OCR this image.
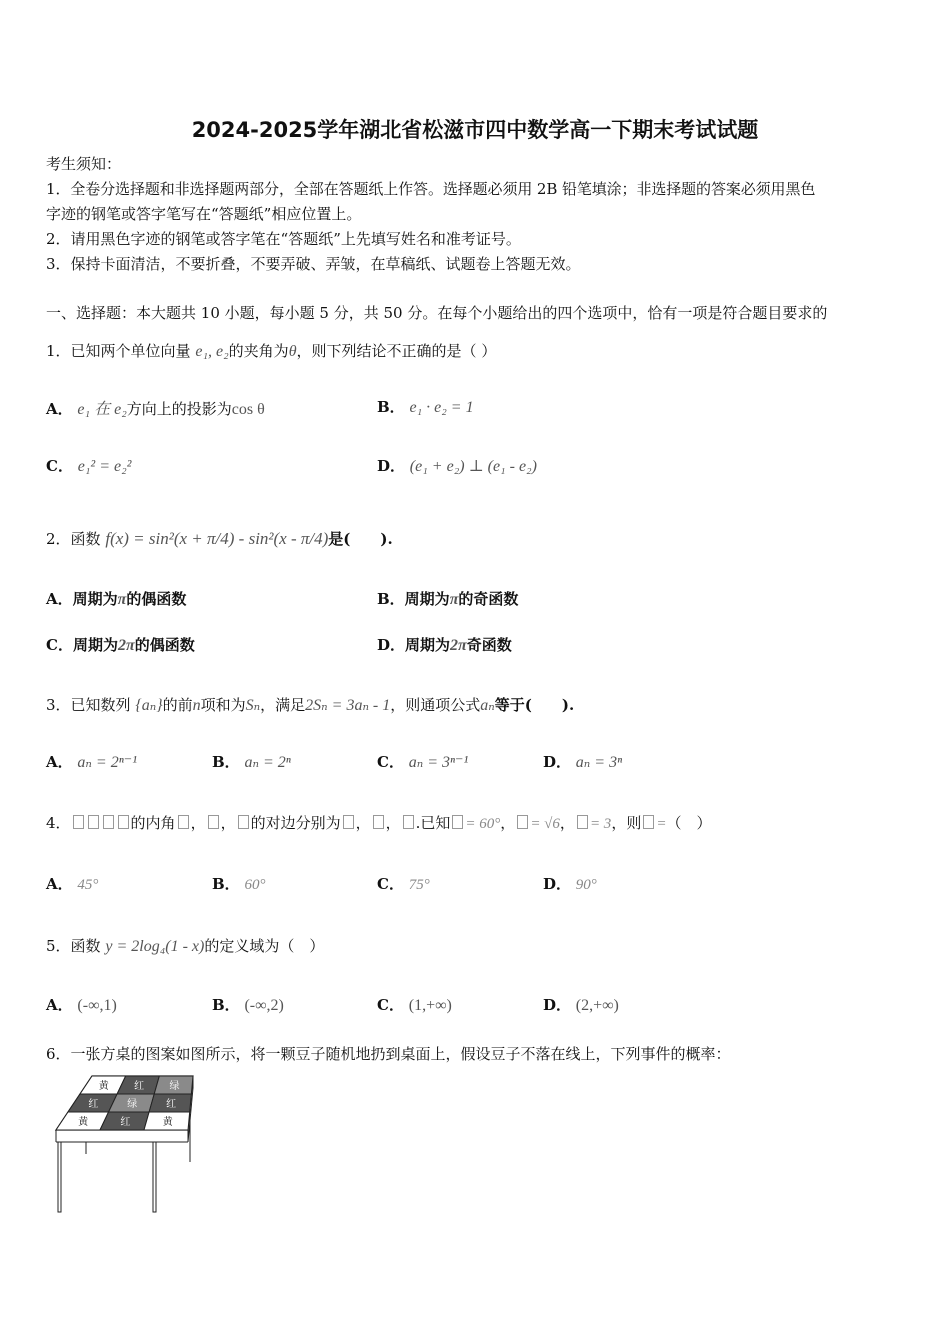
2024-2025学年湖北省松滋市四中数学高一下期末考试试题
考生须知：
1．全卷分选择题和非选择题两部分，全部在答题纸上作答。选择题必须用 2B 铅笔填涂；非选择题的答案必须用黑色
字迹的钢笔或答字笔写在“答题纸”相应位置上。
2．请用黑色字迹的钢笔或答字笔在“答题纸”上先填写姓名和准考证号。
3．保持卡面清洁，不要折叠，不要弄破、弄皱，在草稿纸、试题卷上答题无效。
一、选择题：本大题共 10 小题，每小题 5 分，共 50 分。在每个小题给出的四个选项中，恰有一项是符合题目要求的
1．已知两个单位向量 e₁, e₂的夹角为θ，则下列结论不正确的是（ ）
A． e₁ 在 e₂方向上的投影为cos θ	B． e₁ · e₂ = 1
C． e₁² = e₂²	D． (e₁ + e₂) ⊥ (e₁ - e₂)
2．函数 f(x) = sin²(x + π/4) - sin²(x - π/4)是(　　).
A．周期为π的偶函数	B．周期为π的奇函数
C．周期为2π的偶函数	D．周期为2π奇函数
3．已知数列 {aₙ}的前n项和为Sₙ，满足2Sₙ = 3aₙ - 1，则通项公式aₙ等于(　　).
A． aₙ = 2ⁿ⁻¹	B． aₙ = 2ⁿ	C． aₙ = 3ⁿ⁻¹	D． aₙ = 3ⁿ
4．	的内角 ， ， 的对边分别为 ， ， .已知 = 60°， = √6， = 3，则 =（　）
A． 45°	B． 60°	C． 75°	D． 90°
5．函数 y = 2log₄(1 - x)的定义域为（　）
A． (-∞,1)	B． (-∞,2)	C． (1,+∞)	D． (2,+∞)
6．一张方桌的图案如图所示，将一颗豆子随机地扔到桌面上，假设豆子不落在线上，下列事件的概率：
黄	红	绿
红	绿	红
黄	红	黄
